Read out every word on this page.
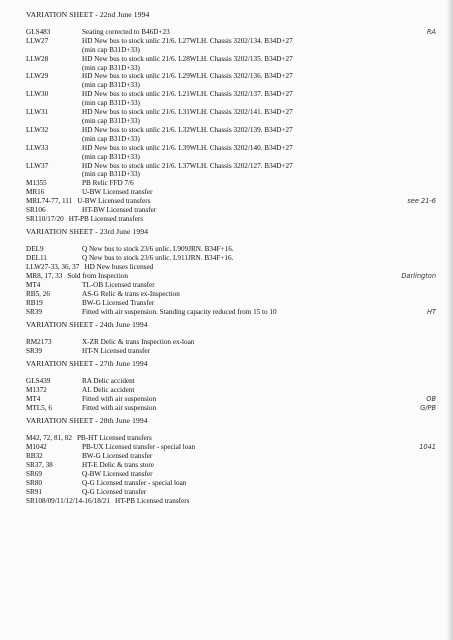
VARIATION SHEET - 22nd June 1994
GLS483	Seating corrected to B46D+23	RA
LLW27	HD New bus to stock unlic 21/6. L27WLH. Chassis 3202/134. B34D+27
(min cap B31D+33)
LLW28	HD New bus to stock unlic 21/6. L28WLH. Chassis 3202/135. B34D+27
(min cap B31D+33)
LLW29	HD New bus to stock unlic 21/6. L29WLH. Chassis 3202/136. B34D+27
(min cap B31D+33)
LLW30	HD New bus to stock unlic 21/6. L21WLH. Chassis 3202/137. B34D+27
(min cap B31D+33)
LLW31	HD New bus to stock unlic 21/6. L31WLH. Chassis 3202/141. B34D+27
(min cap B31D+33)
LLW32	HD New bus to stock unlic 21/6. L32WLH. Chassis 3202/139. B34D+27
(min cap B31D+33)
LLW33	HD New bus to stock unlic 21/6. L39WLH. Chassis 3202/140. B34D+27
(min cap B31D+33)
LLW37	HD New bus to stock unlic 21/6. L37WLH. Chassis 3202/127. B34D+27
(min cap B31D+33)
M1355	PB Relic FFD 7/6
MR16	U-BW Licensed transfer
MRL74-77, 111 U-BW Licensed transfers	see 21-6
SR106	HT-BW Licensed transfer
SR110/17/20 HT-PB Licensed transfers
VARIATION SHEET - 23rd June 1994
DEL9	Q New bus to stock 23/6 unlic. L909JRN. B34F+16.
DEL11	Q New bus to stock 23/6 unlic. L911JRN. B34F+16.
LLW27-33, 36, 37 HD New buses licensed
MR8, 17, 33 Sold from Inspection	Darlington
MT4	TL-OB Licensed transfer
RB5, 26	AS-G Relic & trans ex-Inspection
RB19	BW-G Licensed Transfer
SR39	Fitted with air suspension. Standing capacity reduced from 15 to 10	HT
VARIATION SHEET - 24th June 1994
RM2173	X-ZR Delic & trans Inspection ex-loan
SR39	HT-N Licensed transfer
VARIATION SHEET - 27th June 1994
GLS439	RA Delic accident
M1372	AL Delic accident
MT4	Fitted with air suspension	OB
MTL5, 6	Fitted with air suspension	G/PB
VARIATION SHEET - 28th June 1994
M42, 72, 81, 82 PB-HT Licensed transfers
M1042	PB-UX Licensed transfer - special loan	1041
RB32	BW-G Licensed transfer
SR37, 38	HT-E Delic & trans store
SR69	Q-BW Licensed transfer
SR80	Q-G Licensed transfer - special loan
SR91	Q-G Licensed transfer
SR108/09/11/12/14-16/18/21 HT-PB Licensed transfers
